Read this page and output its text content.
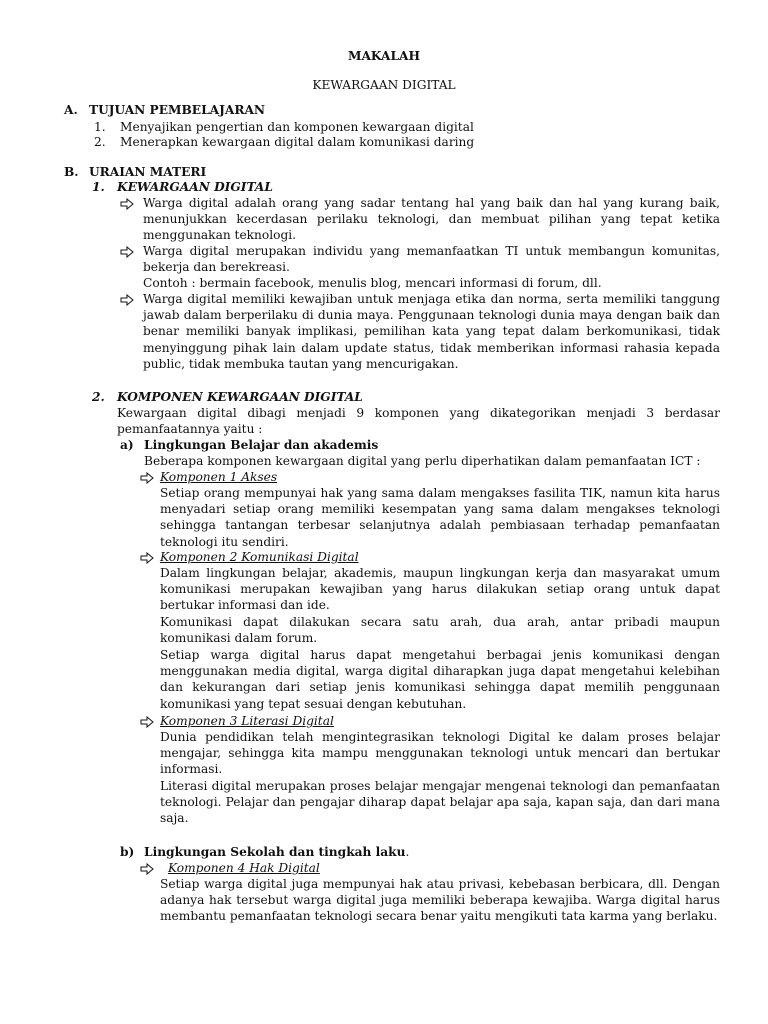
MAKALAH
KEWARGAAN DIGITAL
A. TUJUAN PEMBELAJARAN
1. Menyajikan pengertian dan komponen kewargaan digital
2. Menerapkan kewargaan digital dalam komunikasi daring
B. URAIAN MATERI
1. KEWARGAAN DIGITAL
Warga digital adalah orang yang sadar tentang hal yang baik dan hal yang kurang baik, menunjukkan kecerdasan perilaku teknologi, dan membuat pilihan yang tepat ketika menggunakan teknologi.
Warga digital merupakan individu yang memanfaatkan TI untuk membangun komunitas, bekerja dan berekreasi.
Contoh : bermain facebook, menulis blog, mencari informasi di forum, dll.
Warga digital memiliki kewajiban untuk menjaga etika dan norma, serta memiliki tanggung jawab dalam berperilaku di dunia maya. Penggunaan teknologi dunia maya dengan baik dan benar memiliki banyak implikasi, pemilihan kata yang tepat dalam berkomunikasi, tidak menyinggung pihak lain dalam update status, tidak memberikan informasi rahasia kepada public, tidak membuka tautan yang mencurigakan.
2. KOMPONEN KEWARGAAN DIGITAL
Kewargaan digital dibagi menjadi 9 komponen yang dikategorikan menjadi 3 berdasar pemanfaatannya yaitu :
a) Lingkungan Belajar dan akademis
Beberapa komponen kewargaan digital yang perlu diperhatikan dalam pemanfaatan ICT :
Komponen 1 Akses
Setiap orang mempunyai hak yang sama dalam mengakses fasilita TIK, namun kita harus menyadari setiap orang memiliki kesempatan yang sama dalam mengakses teknologi sehingga tantangan terbesar selanjutnya adalah pembiasaan terhadap pemanfaatan teknologi itu sendiri.
Komponen 2 Komunikasi Digital
Dalam lingkungan belajar, akademis, maupun lingkungan kerja dan masyarakat umum komunikasi merupakan kewajiban yang harus dilakukan setiap orang untuk dapat bertukar informasi dan ide.
Komunikasi dapat dilakukan secara satu arah, dua arah, antar pribadi maupun komunikasi dalam forum.
Setiap warga digital harus dapat mengetahui berbagai jenis komunikasi dengan menggunakan media digital, warga digital diharapkan juga dapat mengetahui kelebihan dan kekurangan dari setiap jenis komunikasi sehingga dapat memilih penggunaan komunikasi yang tepat sesuai dengan kebutuhan.
Komponen 3 Literasi Digital
Dunia pendidikan telah mengintegrasikan teknologi Digital ke dalam proses belajar mengajar, sehingga kita mampu menggunakan teknologi untuk mencari dan bertukar informasi.
Literasi digital merupakan proses belajar mengajar mengenai teknologi dan pemanfaatan teknologi. Pelajar dan pengajar diharap dapat belajar apa saja, kapan saja, dan dari mana saja.
b) Lingkungan Sekolah dan tingkah laku.
Komponen 4 Hak Digital
Setiap warga digital juga mempunyai hak atau privasi, kebebasan berbicara, dll. Dengan adanya hak tersebut warga digital juga memiliki beberapa kewajiba. Warga digital harus membantu pemanfaatan teknologi secara benar yaitu mengikuti tata karma yang berlaku.
